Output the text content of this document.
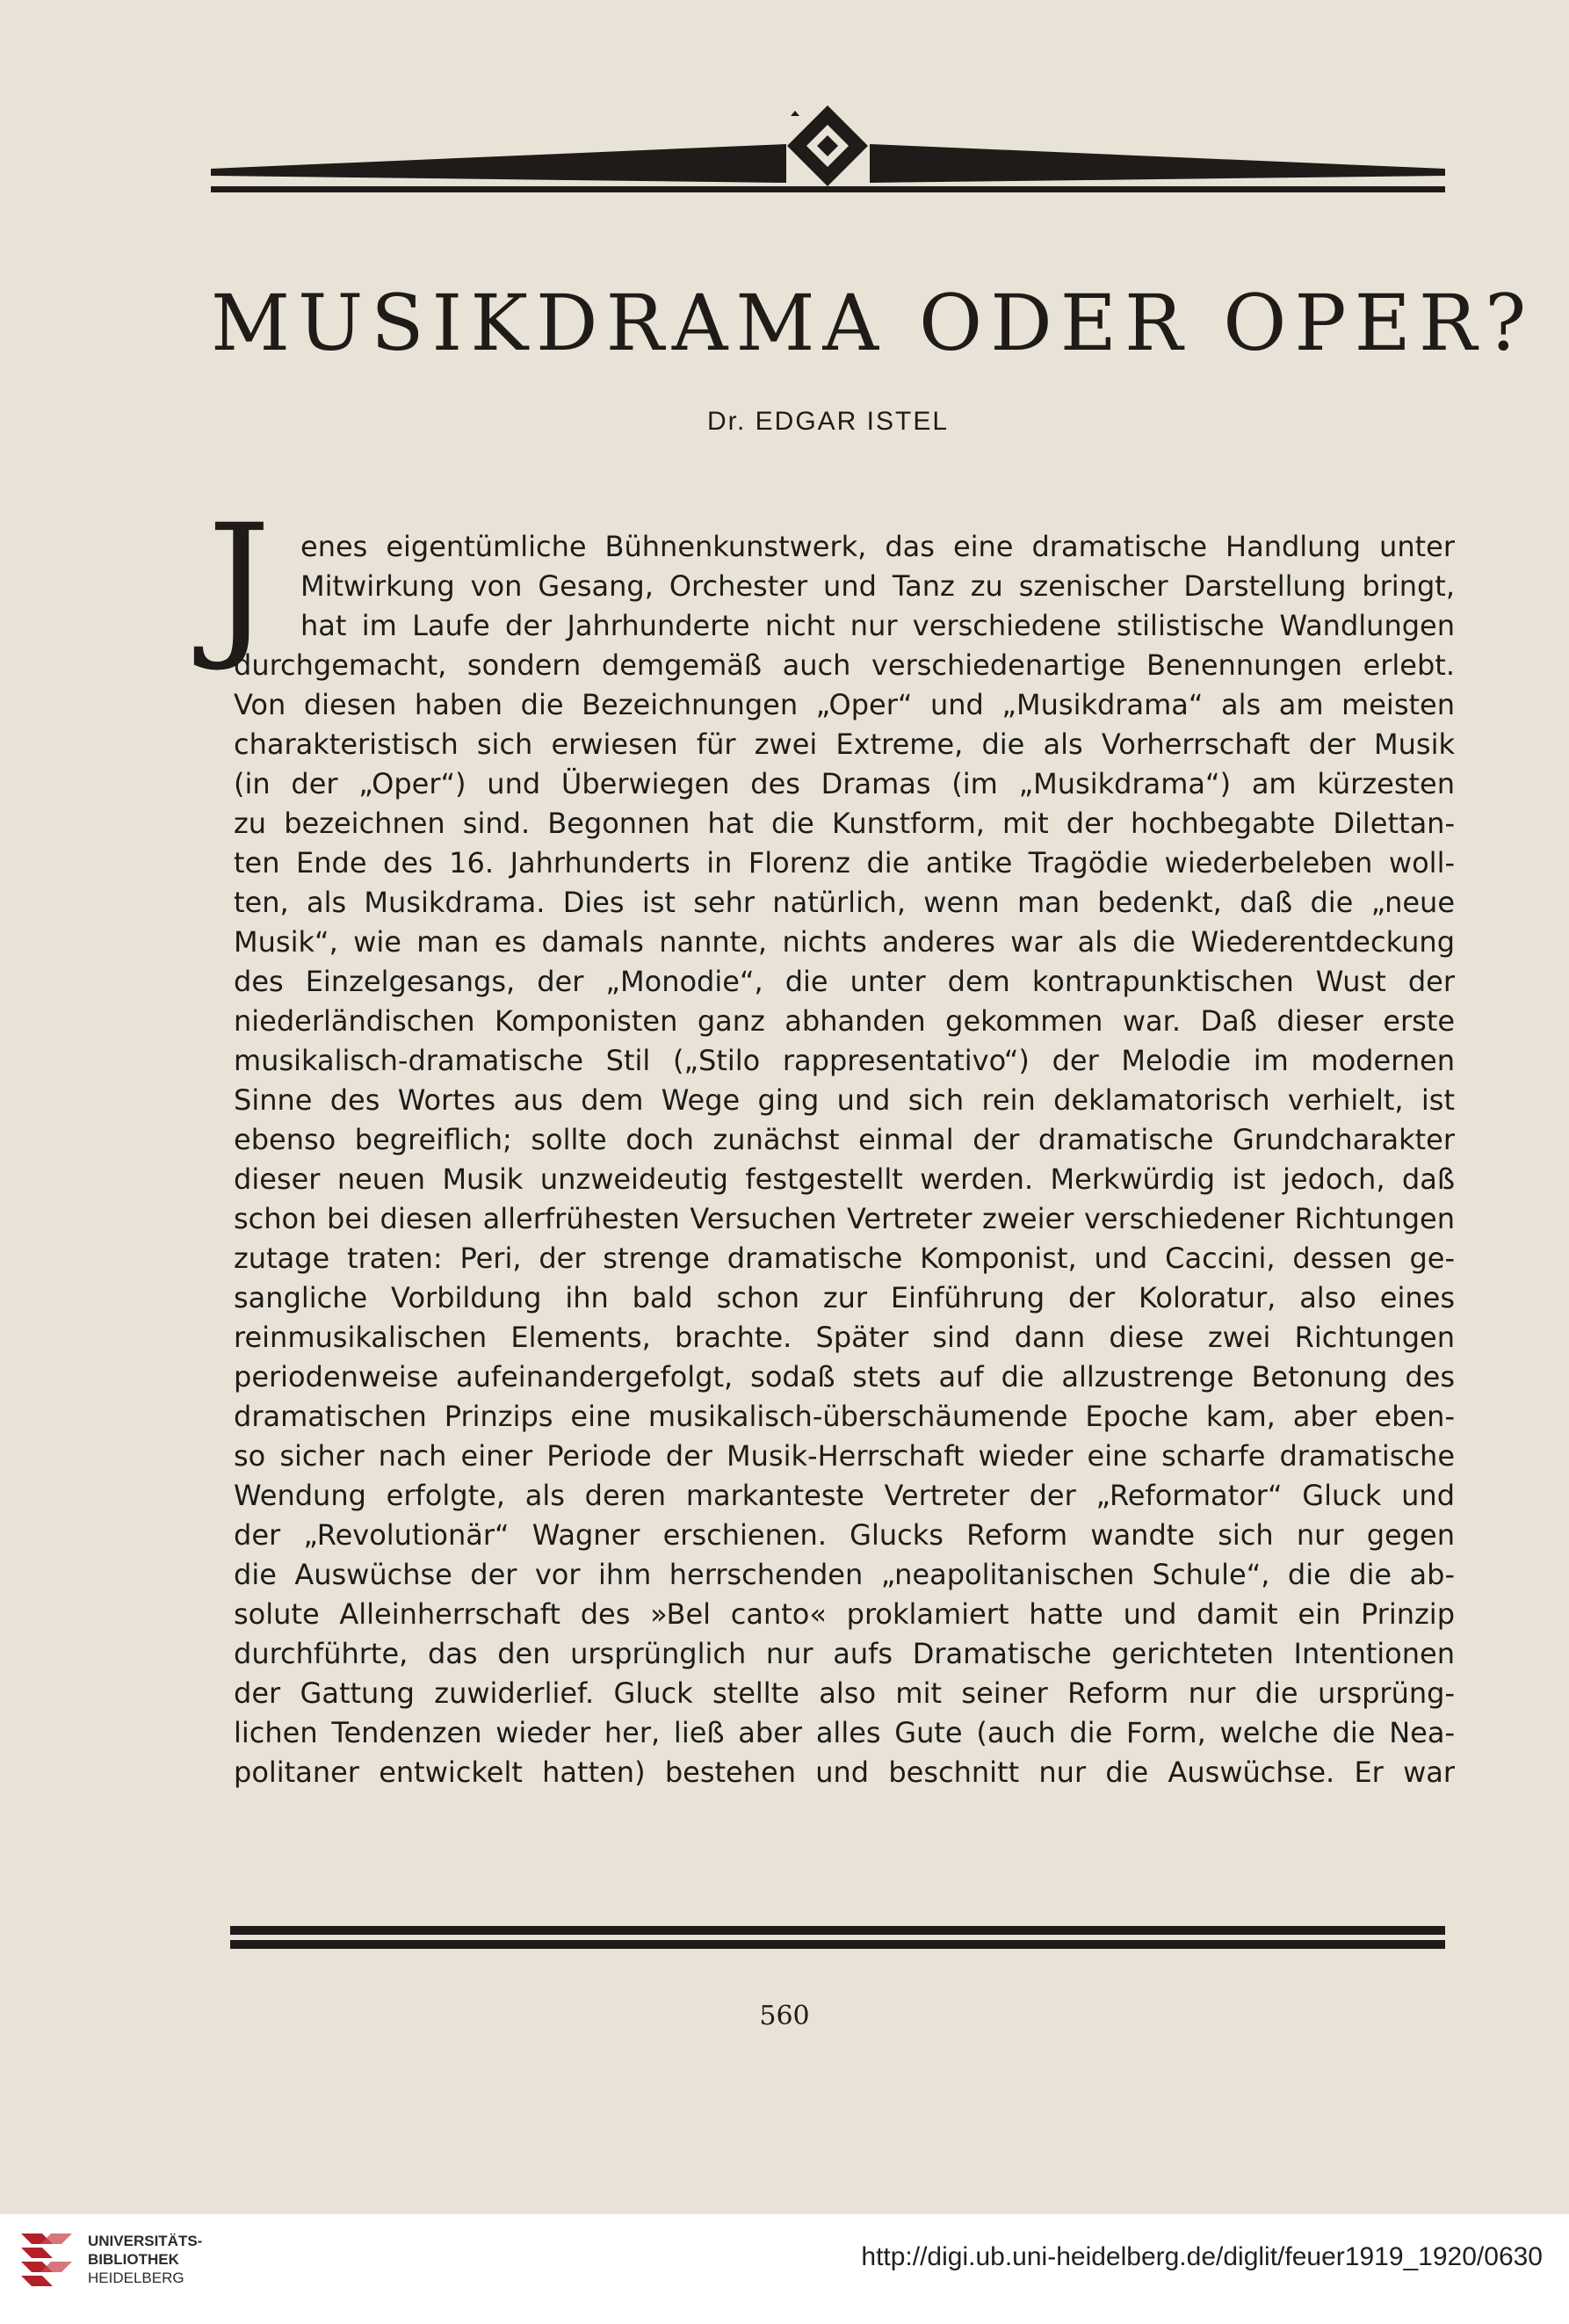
MUSIKDRAMA ODER OPER?
Dr. EDGAR ISTEL
J	enes eigentümliche Bühnenkunstwerk, das eine dramatische Handlung unter
Mitwirkung von Gesang, Orchester und Tanz zu szenischer Darstellung bringt,
hat im Laufe der Jahrhunderte nicht nur verschiedene stilistische Wandlungen
durchgemacht, sondern demgemäß auch verschiedenartige Benennungen erlebt.
Von diesen haben die Bezeichnungen „Oper“ und „Musikdrama“ als am meisten
charakteristisch sich erwiesen für zwei Extreme, die als Vorherrschaft der Musik
(in der „Oper“) und Überwiegen des Dramas (im „Musikdrama“) am kürzesten
zu bezeichnen sind. Begonnen hat die Kunstform, mit der hochbegabte Dilettan-
ten Ende des 16. Jahrhunderts in Florenz die antike Tragödie wiederbeleben woll-
ten, als Musikdrama. Dies ist sehr natürlich, wenn man bedenkt, daß die „neue
Musik“, wie man es damals nannte, nichts anderes war als die Wiederentdeckung
des Einzelgesangs, der „Monodie“, die unter dem kontrapunktischen Wust der
niederländischen Komponisten ganz abhanden gekommen war. Daß dieser erste
musikalisch-dramatische Stil („Stilo rappresentativo“) der Melodie im modernen
Sinne des Wortes aus dem Wege ging und sich rein deklamatorisch verhielt, ist
ebenso begreiflich; sollte doch zunächst einmal der dramatische Grundcharakter
dieser neuen Musik unzweideutig festgestellt werden. Merkwürdig ist jedoch, daß
schon bei diesen allerfrühesten Versuchen Vertreter zweier verschiedener Richtungen
zutage traten: Peri, der strenge dramatische Komponist, und Caccini, dessen ge-
sangliche Vorbildung ihn bald schon zur Einführung der Koloratur, also eines
reinmusikalischen Elements, brachte. Später sind dann diese zwei Richtungen
periodenweise aufeinandergefolgt, sodaß stets auf die allzustrenge Betonung des
dramatischen Prinzips eine musikalisch-überschäumende Epoche kam, aber eben-
so sicher nach einer Periode der Musik-Herrschaft wieder eine scharfe dramatische
Wendung erfolgte, als deren markanteste Vertreter der „Reformator“ Gluck und
der „Revolutionär“ Wagner erschienen. Glucks Reform wandte sich nur gegen
die Auswüchse der vor ihm herrschenden „neapolitanischen Schule“, die die ab-
solute Alleinherrschaft des »Bel canto« proklamiert hatte und damit ein Prinzip
durchführte, das den ursprünglich nur aufs Dramatische gerichteten Intentionen
der Gattung zuwiderlief. Gluck stellte also mit seiner Reform nur die ursprüng-
lichen Tendenzen wieder her, ließ aber alles Gute (auch die Form, welche die Nea-
politaner entwickelt hatten) bestehen und beschnitt nur die Auswüchse. Er war
560
UNIVERSITÄTS-
BIBLIOTHEK
HEIDELBERG
http://digi.ub.uni-heidelberg.de/diglit/feuer1919_1920/0630
